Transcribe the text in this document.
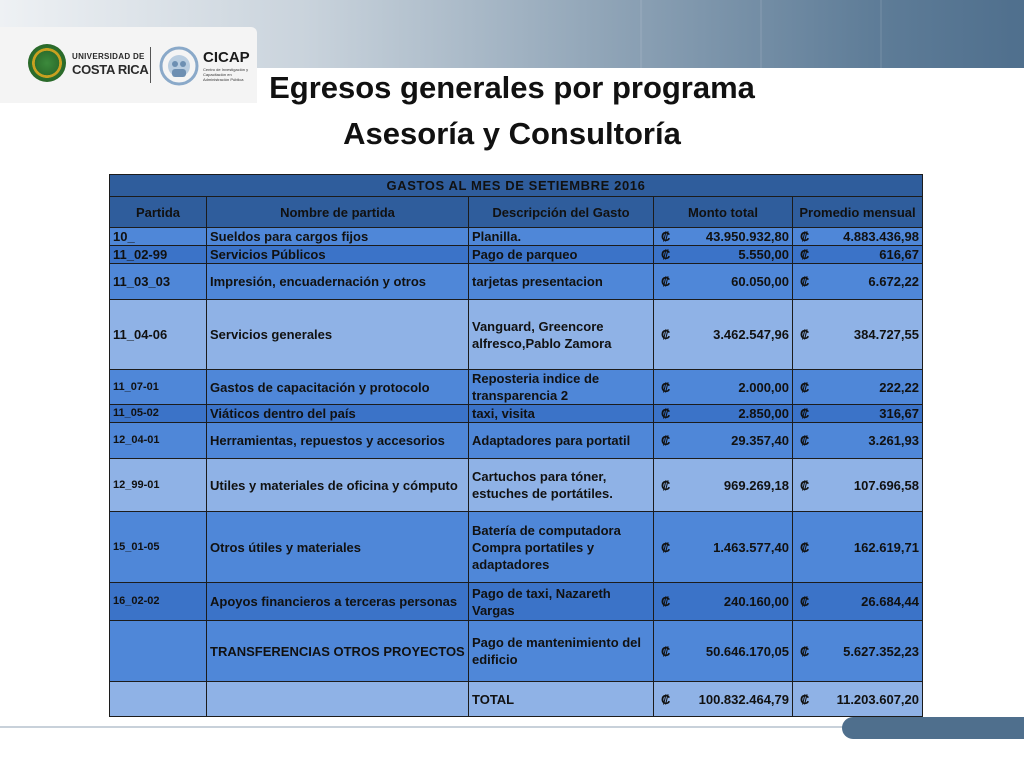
UNIVERSIDAD DE
COSTA RICA
CICAP
Centro de Investigación y Capacitación en Administración Pública Egresos generales por programa
Asesoría y Consultoría
GASTOS AL MES DE SETIEMBRE 2016				
Partida	Nombre de partida	Descripción del Gasto	Monto total	Promedio mensual
10_	Sueldos para cargos fijos	Planilla.	₡ 43.950.932,80	₡ 4.883.436,98
11_02-99	Servicios Públicos	Pago de parqueo	₡ 5.550,00	₡ 616,67
11_03_03	Impresión, encuadernación y otros	tarjetas presentacion	₡ 60.050,00	₡ 6.672,22
11_04-06	Servicios generales	Vanguard, Greencore alfresco,Pablo Zamora	₡ 3.462.547,96	₡ 384.727,55
11_07-01	Gastos de capacitación y protocolo	Reposteria indice de transparencia 2	₡ 2.000,00	₡ 222,22
11_05-02	Viáticos dentro del país	taxi, visita	₡ 2.850,00	₡ 316,67
12_04-01	Herramientas, repuestos y accesorios	Adaptadores para portatil	₡ 29.357,40	₡ 3.261,93
12_99-01	Utiles y materiales de oficina y cómputo	Cartuchos para tóner, estuches de portátiles.	₡ 969.269,18	₡ 107.696,58
15_01-05	Otros útiles y materiales	Batería de computadora Compra portatiles y adaptadores	₡ 1.463.577,40	₡ 162.619,71
16_02-02	Apoyos financieros a terceras personas	Pago de taxi, Nazareth Vargas	₡ 240.160,00	₡ 26.684,44
	TRANSFERENCIAS OTROS PROYECTOS	Pago de mantenimiento del edificio	₡ 50.646.170,05	₡ 5.627.352,23
		TOTAL	₡ 100.832.464,79	₡ 11.203.607,20
